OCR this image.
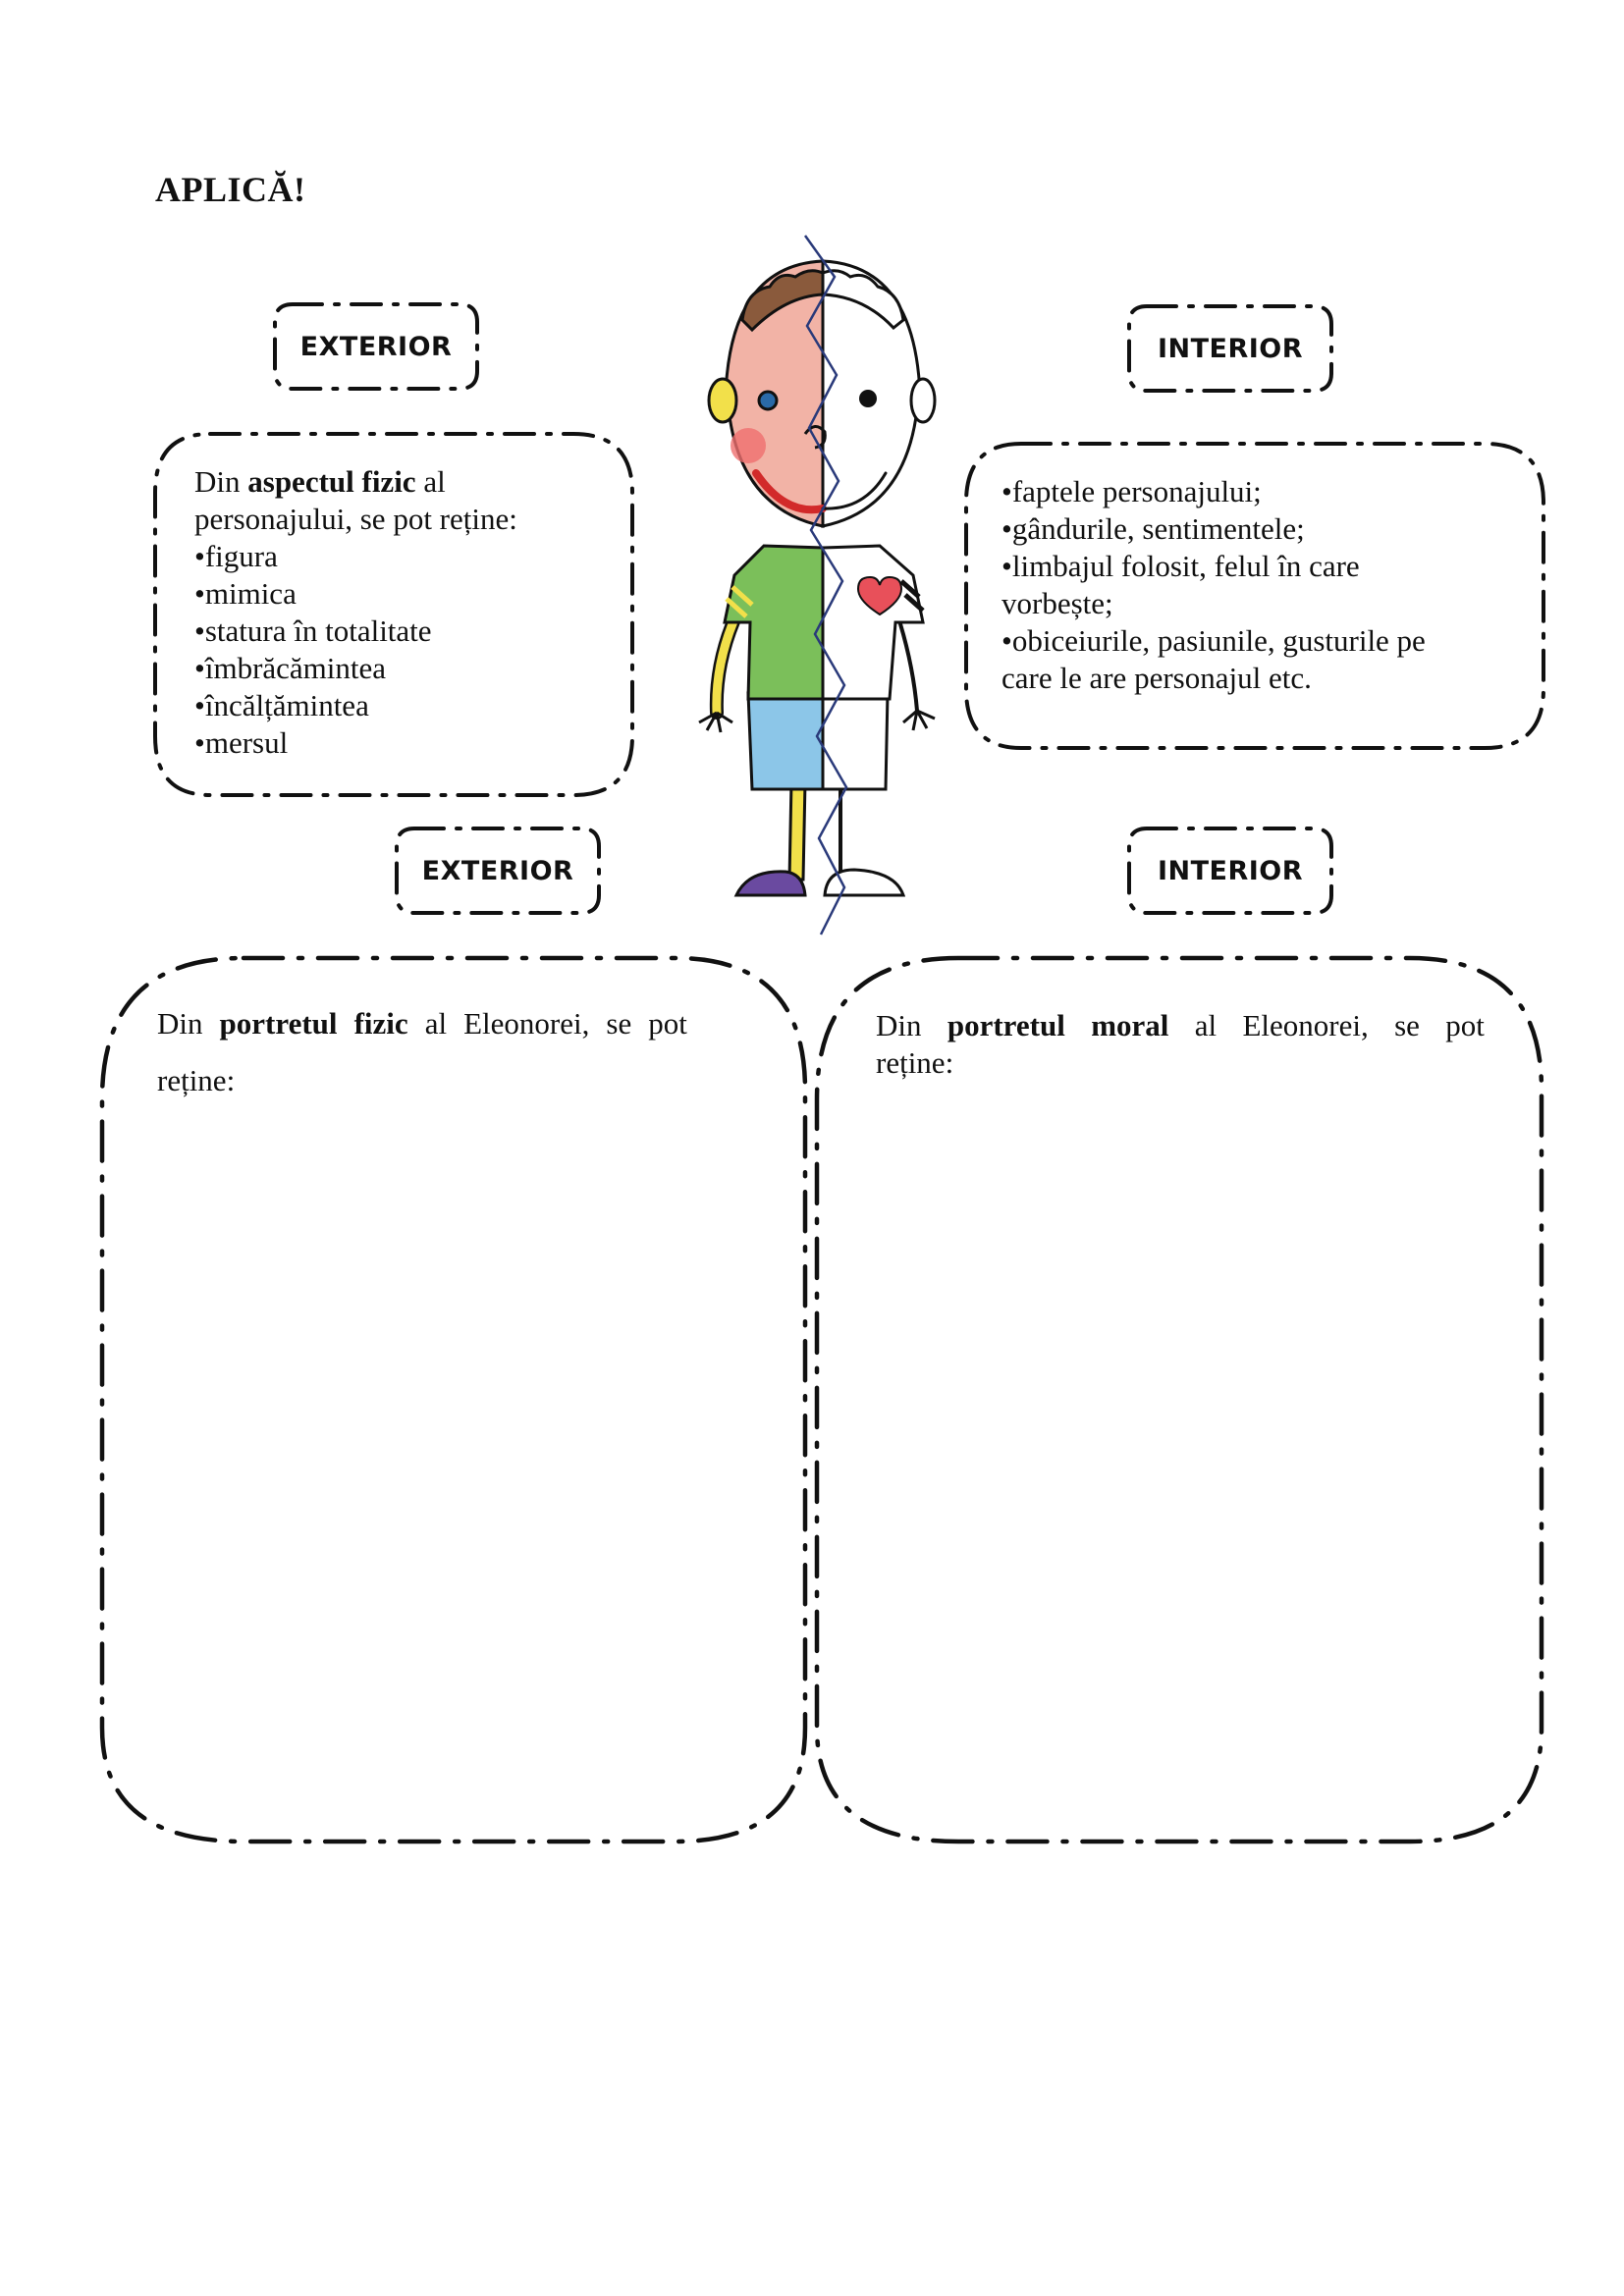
APLICĂ!
EXTERIOR	INTERIOR
Din aspectul fizic al
personajului, se pot reține:
•figura
•mimica
•statura în totalitate
•îmbrăcămintea
•încălțămintea
•mersul
•faptele personajului;
•gândurile, sentimentele;
•limbajul folosit, felul în care
vorbește;
•obiceiurile, pasiunile, gusturile pe
care le are personajul etc.
EXTERIOR	INTERIOR
Din portretul fizic al Eleonorei, se pot
reține:
Din portretul moral al Eleonorei, se pot
reține:
